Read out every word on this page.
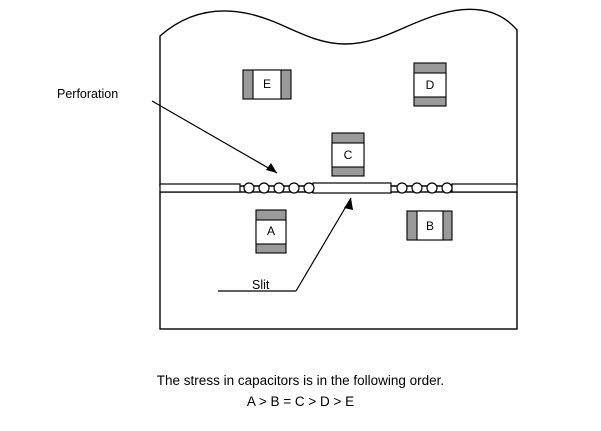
Perforation
Slit
A	B
C
D
E
The stress in capacitors is in the following order.
A > B = C > D > E
